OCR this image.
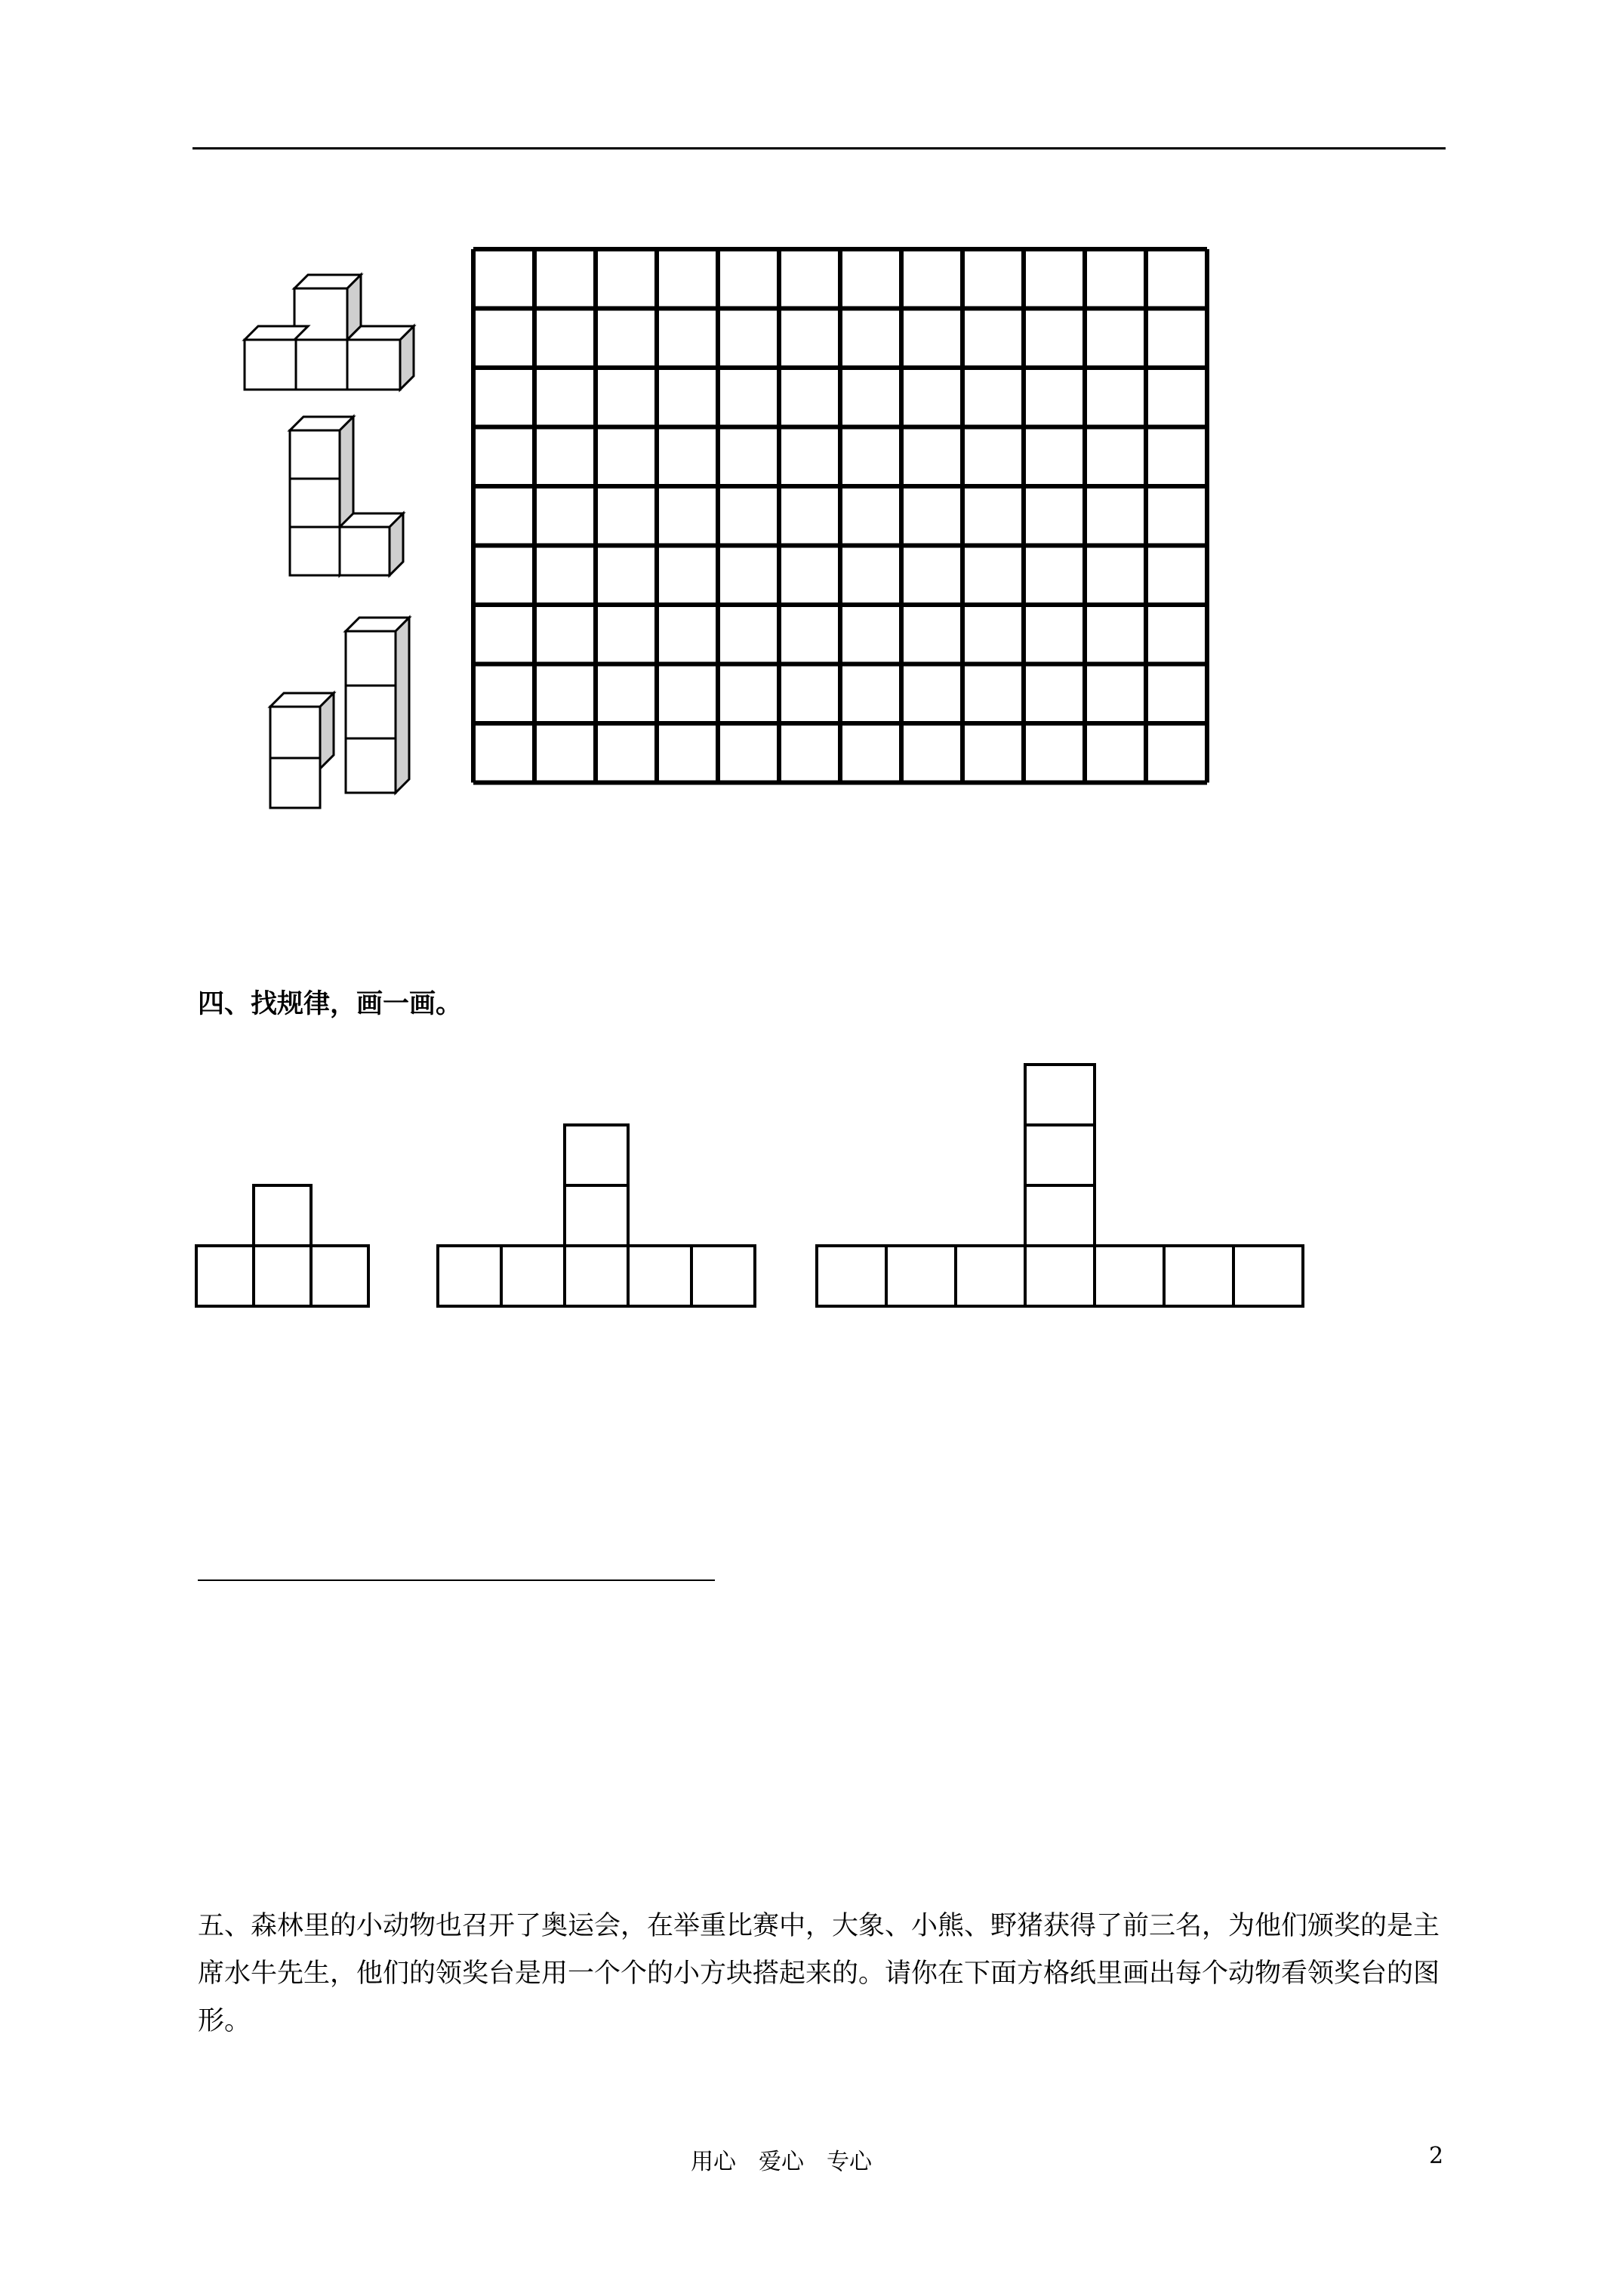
四、找规律，画一画。
五、森林里的小动物也召开了奥运会，在举重比赛中，大象、小熊、野猪获得了前三名，为他们颁奖的是主席水牛先生，他们的领奖台是用一个个的小方块搭起来的。请你在下面方格纸里画出每个动物看领奖台的图形。
用心　爱心　专心	2
